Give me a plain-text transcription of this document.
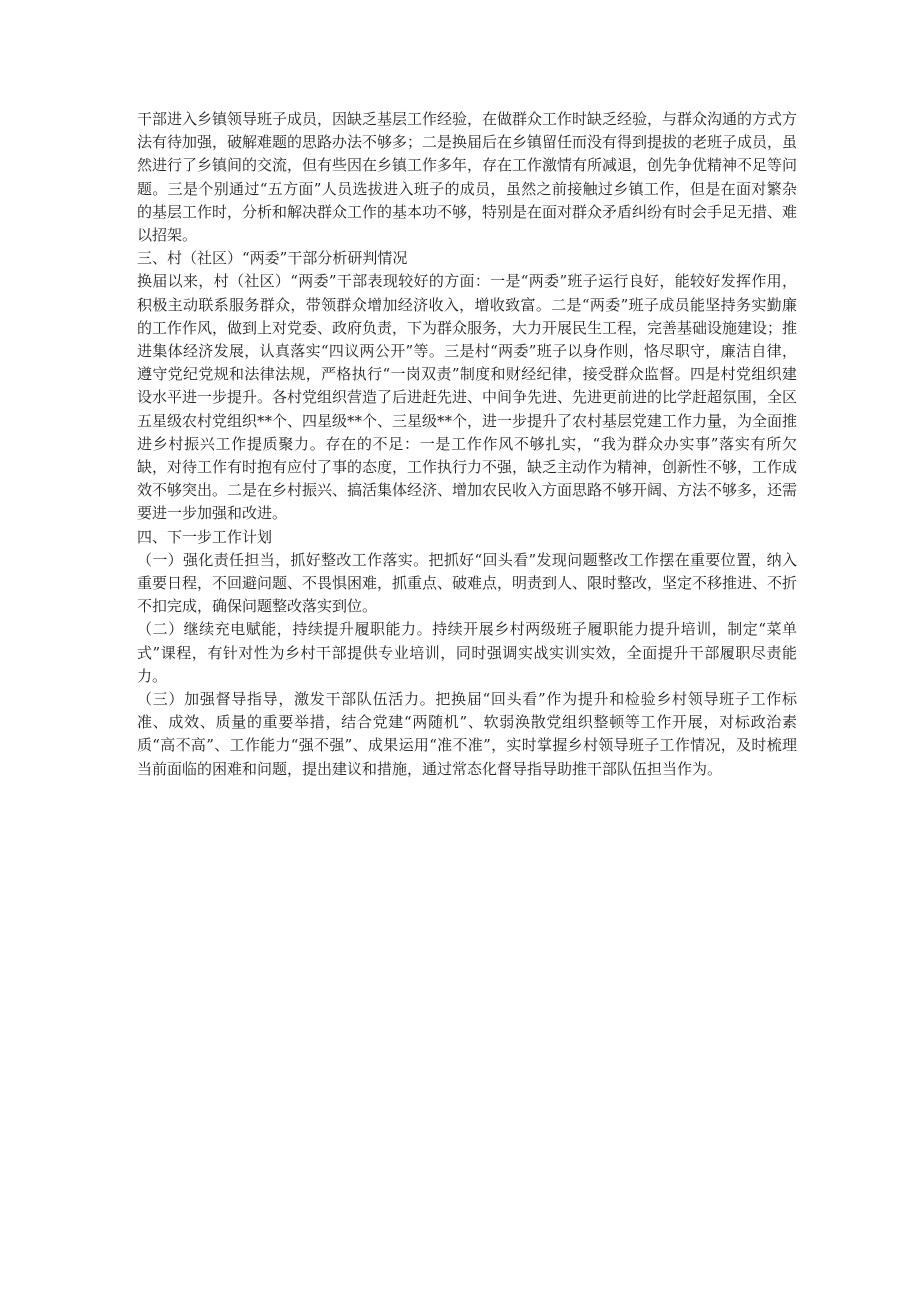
干部进入乡镇领导班子成员，因缺乏基层工作经验，在做群众工作时缺乏经验，与群众沟通的方式方法有待加强，破解难题的思路办法不够多；二是换届后在乡镇留任而没有得到提拔的老班子成员，虽然进行了乡镇间的交流，但有些因在乡镇工作多年，存在工作激情有所减退，创先争优精神不足等问题。三是个别通过“五方面”人员选拔进入班子的成员，虽然之前接触过乡镇工作，但是在面对繁杂的基层工作时，分析和解决群众工作的基本功不够，特别是在面对群众矛盾纠纷有时会手足无措、难以招架。

三、村（社区）“两委”干部分析研判情况

换届以来，村（社区）“两委”干部表现较好的方面：一是“两委”班子运行良好，能较好发挥作用，积极主动联系服务群众，带领群众增加经济收入，增收致富。二是“两委”班子成员能坚持务实勤廉的工作作风，做到上对党委、政府负责，下为群众服务，大力开展民生工程，完善基础设施建设；推进集体经济发展，认真落实“四议两公开”等。三是村“两委”班子以身作则，恪尽职守，廉洁自律，遵守党纪党规和法律法规，严格执行“一岗双责”制度和财经纪律，接受群众监督。四是村党组织建设水平进一步提升。各村党组织营造了后进赶先进、中间争先进、先进更前进的比学赶超氛围，全区五星级农村党组织**个、四星级**个、三星级**个，进一步提升了农村基层党建工作力量，为全面推进乡村振兴工作提质聚力。存在的不足：一是工作作风不够扎实，“我为群众办实事”落实有所欠缺，对待工作有时抱有应付了事的态度，工作执行力不强，缺乏主动作为精神，创新性不够，工作成效不够突出。二是在乡村振兴、搞活集体经济、增加农民收入方面思路不够开阔、方法不够多，还需要进一步加强和改进。

四、下一步工作计划

（一）强化责任担当，抓好整改工作落实。把抓好“回头看”发现问题整改工作摆在重要位置，纳入重要日程，不回避问题、不畏惧困难，抓重点、破难点，明责到人、限时整改，坚定不移推进、不折不扣完成，确保问题整改落实到位。

（二）继续充电赋能，持续提升履职能力。持续开展乡村两级班子履职能力提升培训，制定“菜单式”课程，有针对性为乡村干部提供专业培训，同时强调实战实训实效，全面提升干部履职尽责能力。

（三）加强督导指导，激发干部队伍活力。把换届“回头看”作为提升和检验乡村领导班子工作标准、成效、质量的重要举措，结合党建“两随机”、软弱涣散党组织整顿等工作开展，对标政治素质“高不高”、工作能力“强不强”、成果运用“准不准”，实时掌握乡村领导班子工作情况，及时梳理当前面临的困难和问题，提出建议和措施，通过常态化督导指导助推干部队伍担当作为。
